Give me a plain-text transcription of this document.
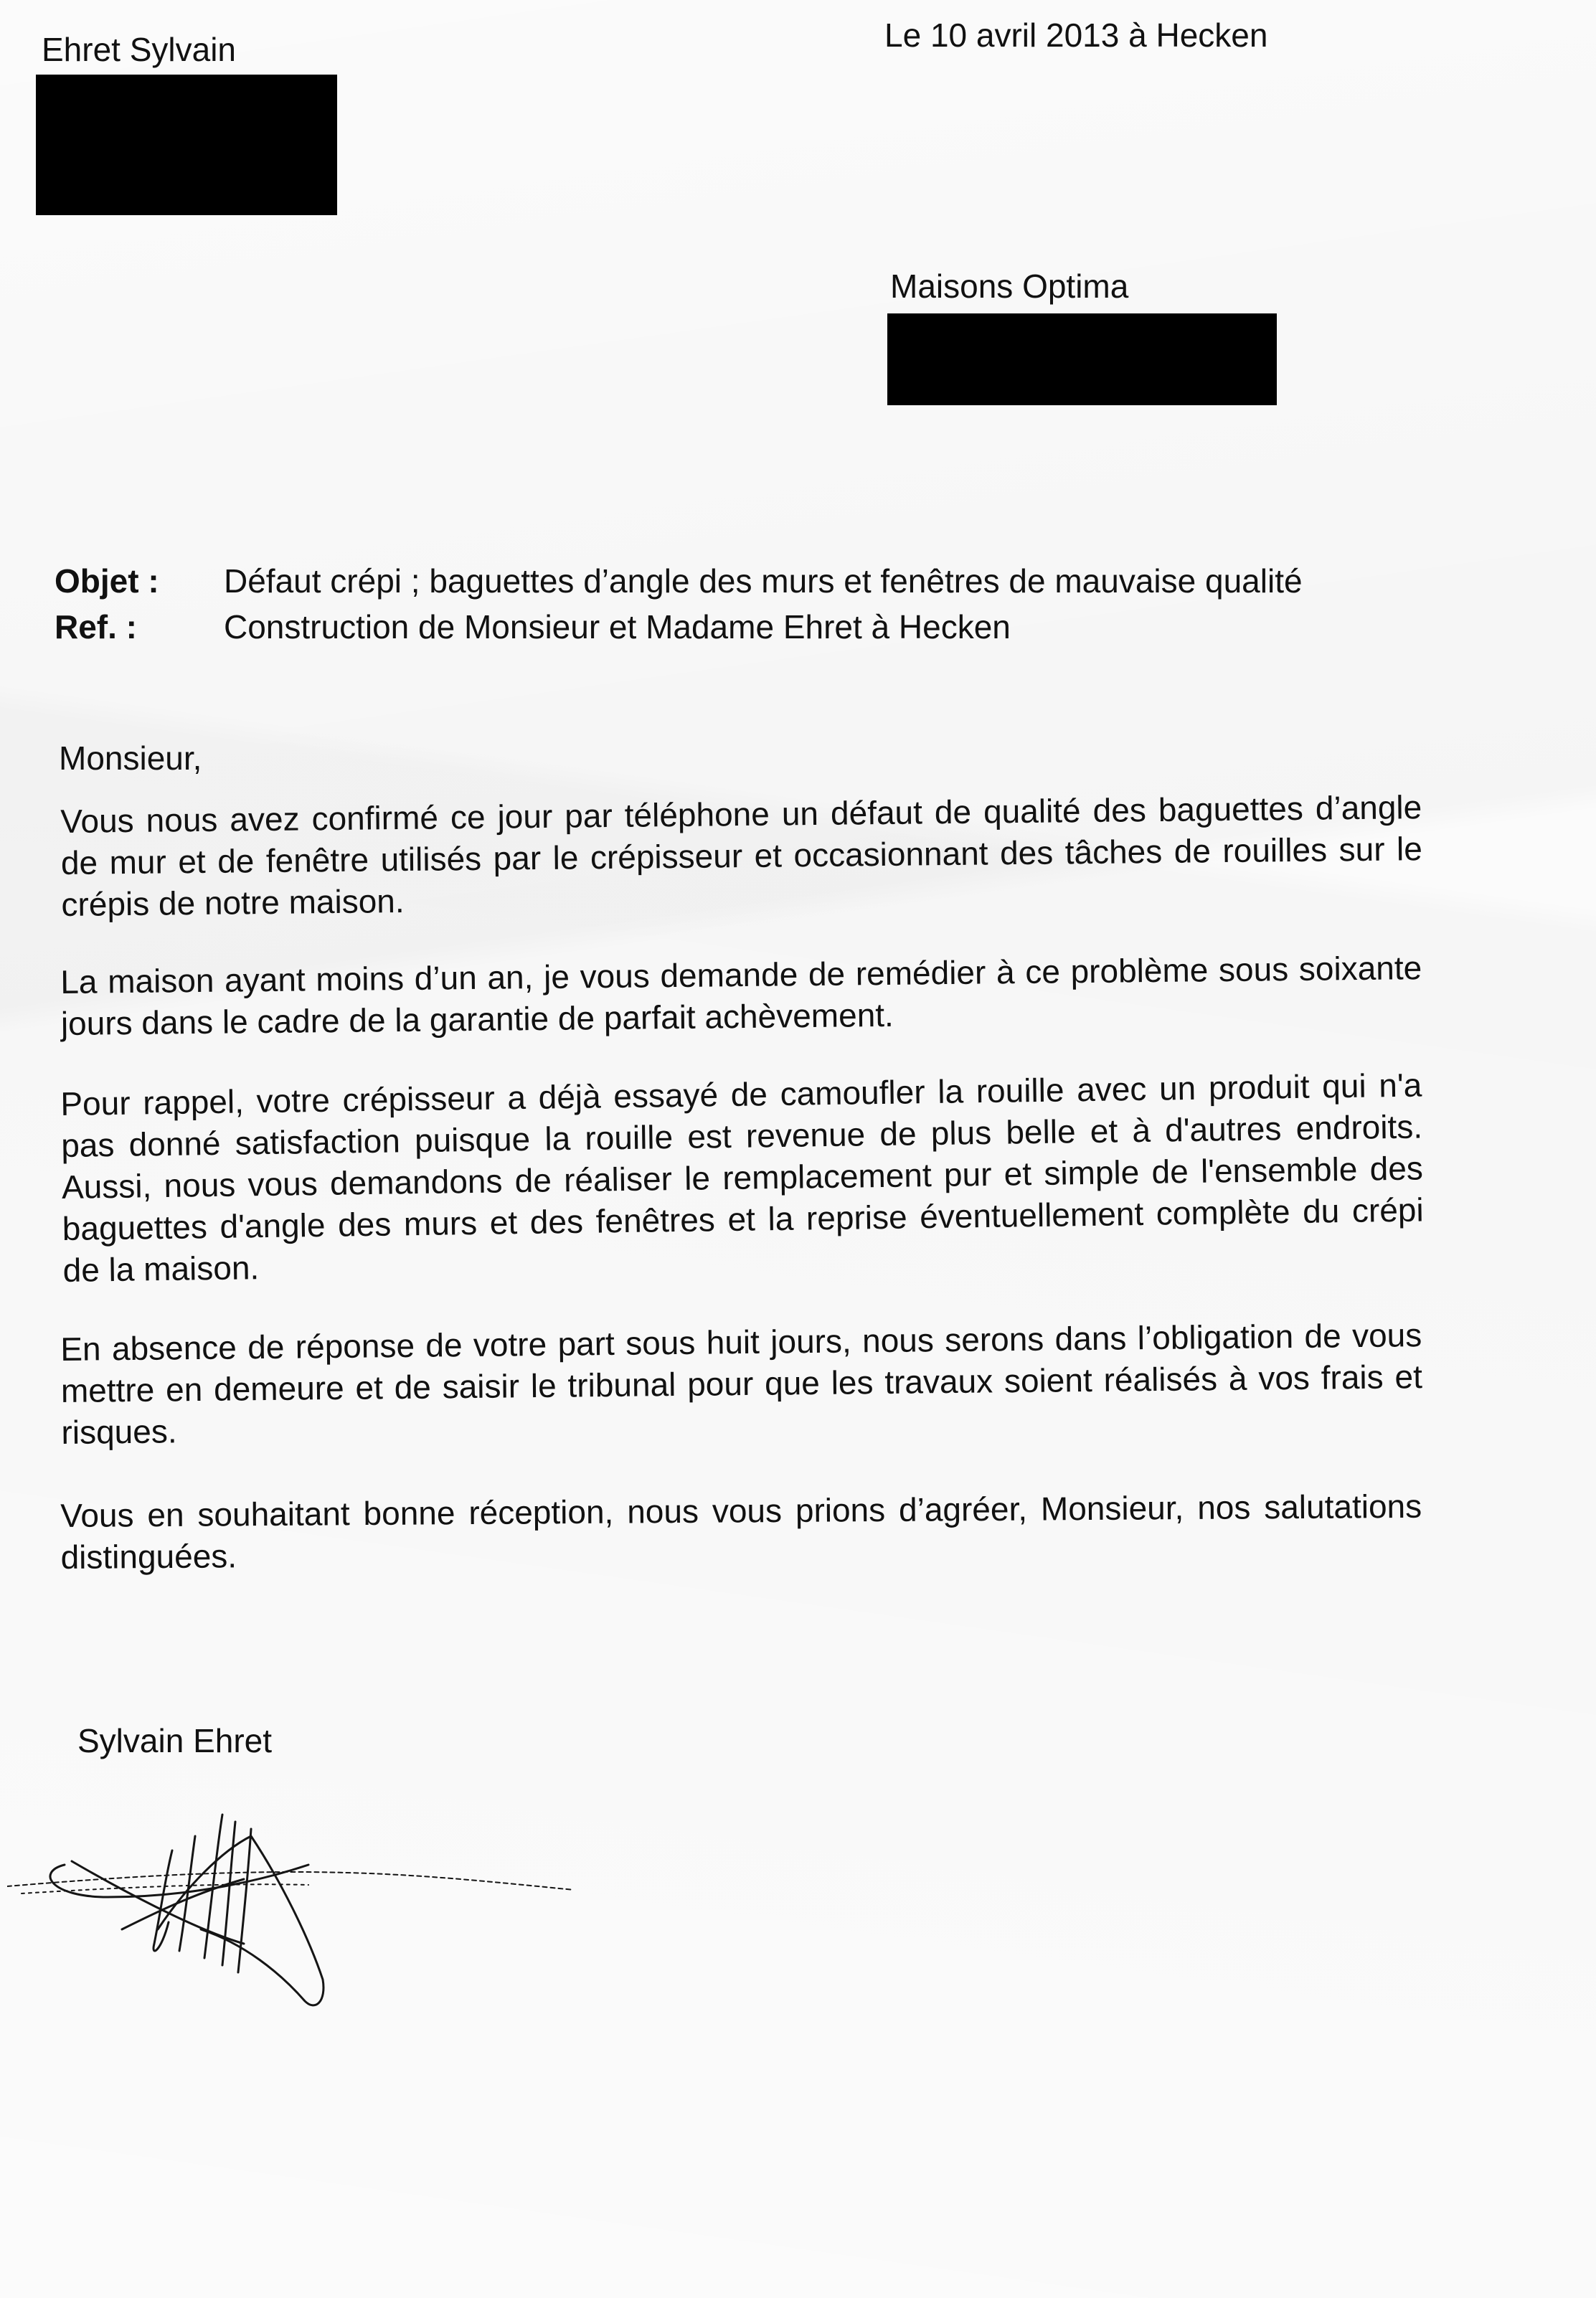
Ehret Sylvain	Le 10 avril 2013 à Hecken
Maisons Optima
Objet :	Défaut crépi ; baguettes d’angle des murs et fenêtres de mauvaise qualité
Ref. :	Construction de Monsieur et Madame Ehret à Hecken
Monsieur,
Vous nous avez confirmé ce jour par téléphone un défaut de qualité des baguettes d’angle de mur et de fenêtre utilisés par le crépisseur et occasionnant des tâches de rouilles sur le crépis de notre maison.
La maison ayant moins d’un an, je vous demande de remédier à ce problème sous soixante jours dans le cadre de la garantie de parfait achèvement.
Pour rappel, votre crépisseur a déjà essayé de camoufler la rouille avec un produit qui n'a pas donné satisfaction puisque la rouille est revenue de plus belle et à d'autres endroits. Aussi, nous vous demandons de réaliser le remplacement pur et simple de l'ensemble des baguettes d'angle des murs et des fenêtres et la reprise éventuellement complète du crépi de la maison.
En absence de réponse de votre part sous huit jours, nous serons dans l’obligation de vous mettre en demeure et de saisir le tribunal pour que les travaux soient réalisés à vos frais et risques.
Vous en souhaitant bonne réception, nous vous prions d’agréer, Monsieur, nos salutations distinguées.
Sylvain Ehret
